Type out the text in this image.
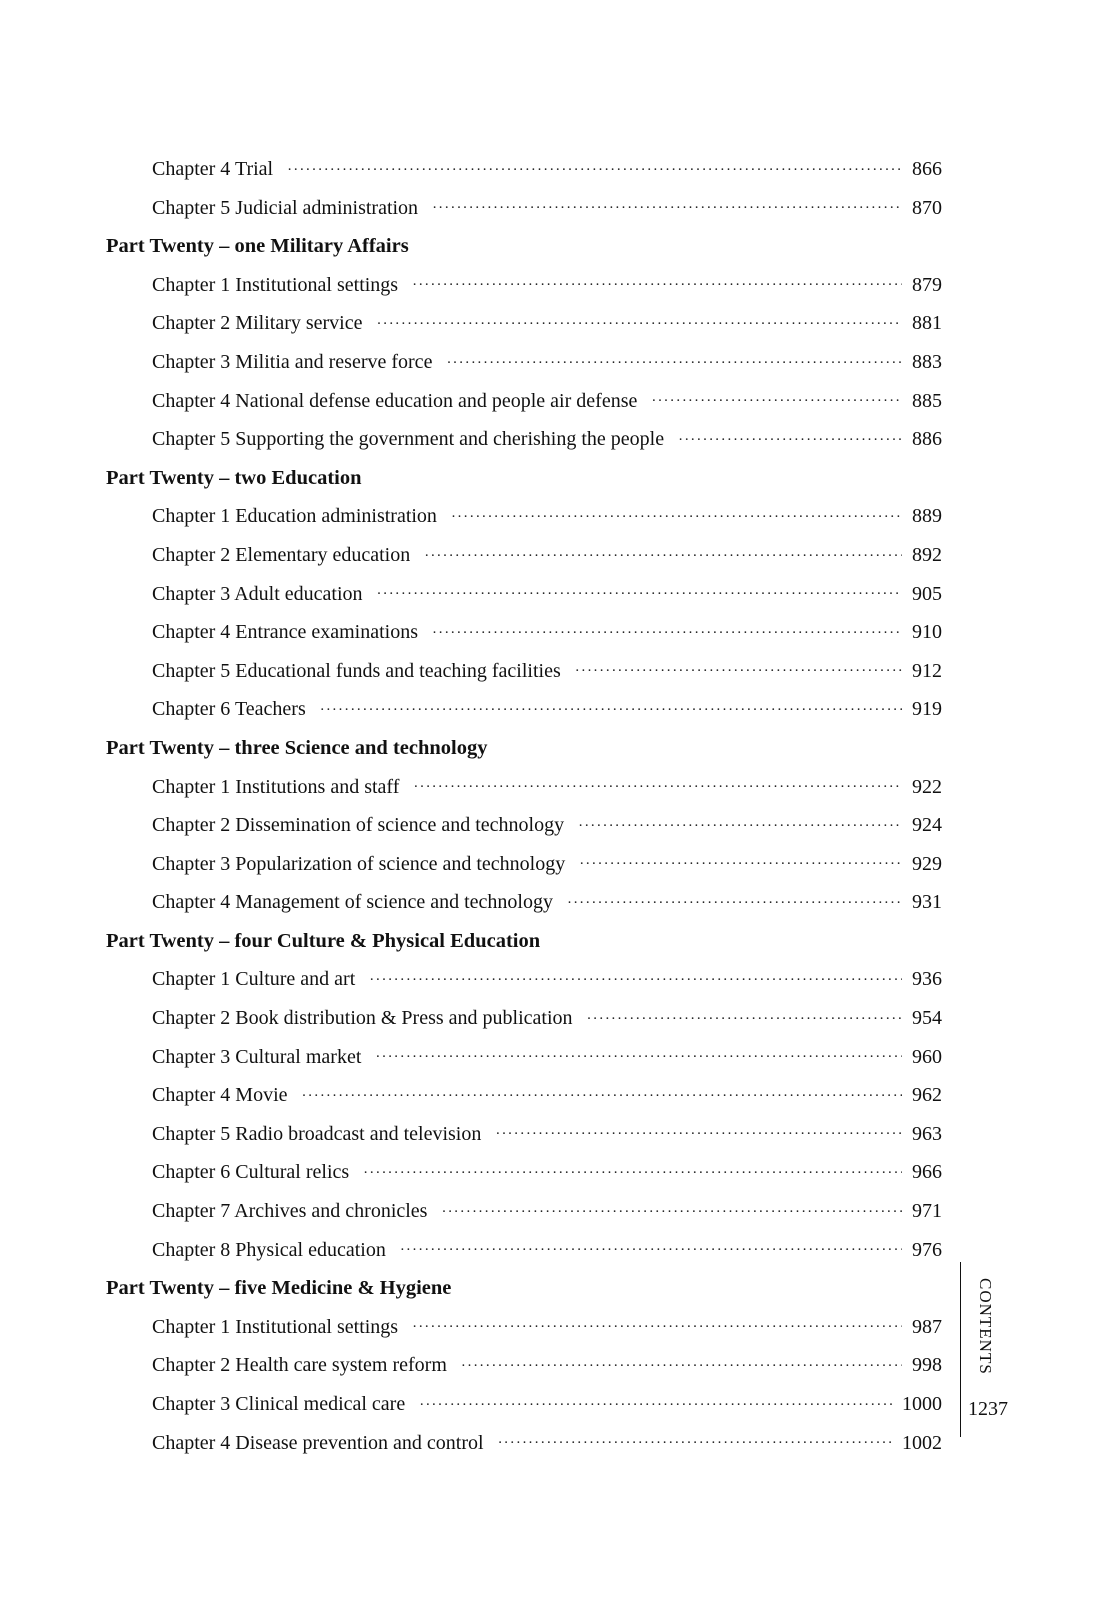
Chapter 4 Trial ·····	866
Chapter 5 Judicial administration ·····	870
Part Twenty – one Military Affairs
Chapter 1 Institutional settings ·····	879
Chapter 2 Military service ·····	881
Chapter 3 Militia and reserve force ·····	883
Chapter 4 National defense education and people air defense ·····	885
Chapter 5 Supporting the government and cherishing the people ·····	886
Part Twenty – two Education
Chapter 1 Education administration ·····	889
Chapter 2 Elementary education ·····	892
Chapter 3 Adult education ·····	905
Chapter 4 Entrance examinations ·····	910
Chapter 5 Educational funds and teaching facilities ·····	912
Chapter 6 Teachers ·····	919
Part Twenty – three Science and technology
Chapter 1 Institutions and staff ·····	922
Chapter 2 Dissemination of science and technology ·····	924
Chapter 3 Popularization of science and technology ·····	929
Chapter 4 Management of science and technology ·····	931
Part Twenty – four Culture & Physical Education
Chapter 1 Culture and art ·····	936
Chapter 2 Book distribution & Press and publication ·····	954
Chapter 3 Cultural market ·····	960
Chapter 4 Movie ·····	962
Chapter 5 Radio broadcast and television ·····	963
Chapter 6 Cultural relics ·····	966
Chapter 7 Archives and chronicles ·····	971
Chapter 8 Physical education ·····	976
Part Twenty – five Medicine & Hygiene
Chapter 1 Institutional settings ·····	987
Chapter 2 Health care system reform ·····	998
Chapter 3 Clinical medical care ·····	1000
Chapter 4 Disease prevention and control ·····	1002
CONTENTS
1237
